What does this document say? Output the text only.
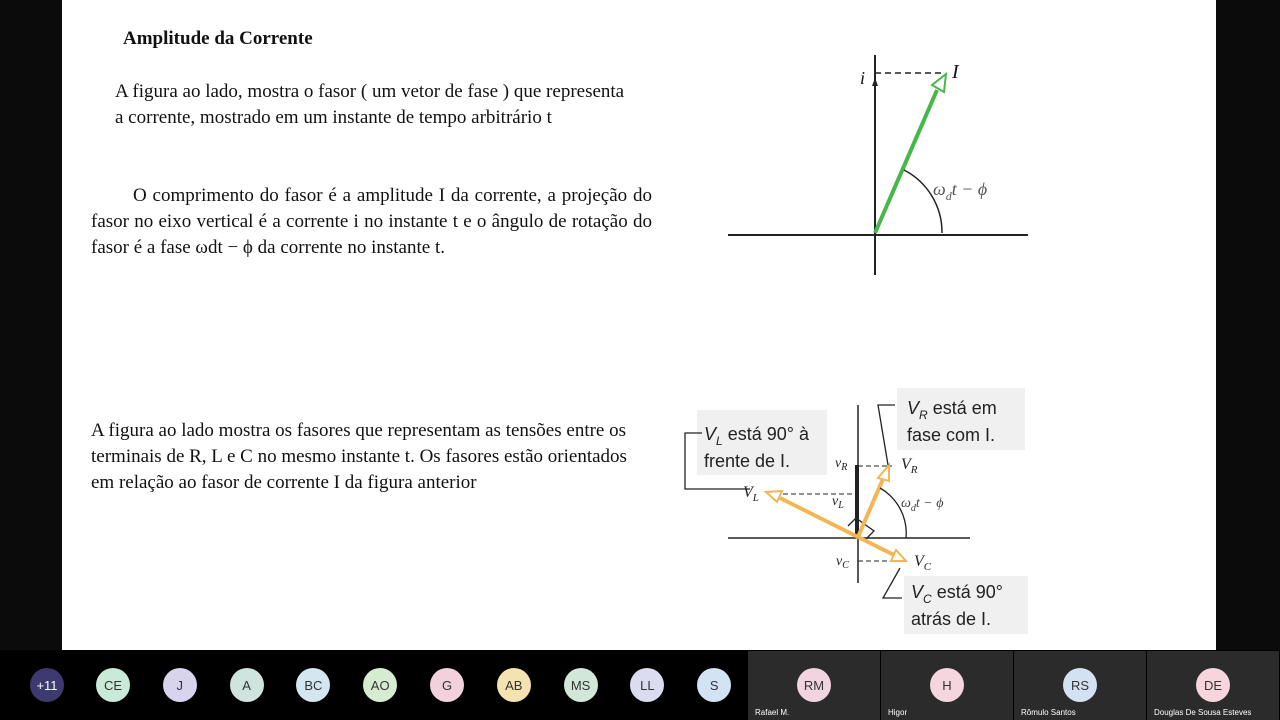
Amplitude da Corrente

A figura ao lado, mostra o fasor ( um vetor de fase ) que representa a corrente, mostrado em um instante de tempo arbitrário t

O comprimento do fasor é a amplitude I da corrente, a projeção do fasor no eixo vertical é a corrente i no instante t e o ângulo de rotação do fasor é a fase ωdt − ϕ da corrente no instante t.

A figura ao lado mostra os fasores que representam as tensões entre os terminais de R, L e C no mesmo instante t. Os fasores estão orientados em relação ao fasor de corrente I da figura anterior

i	I
$\omega_dt - \phi$
$V_L$ está 90° à
frente de I.
$V_R$ está em
fase com I.
$V_C$ está 90°
atrás de I.
$V_R$
$V_L$
$V_C$
$v_R$
$v_L$
$v_C$
$\omega_dt - \phi$
+11	CE	J	A	BC	AO	G	AB	MS	LL	S	RM
Rafael M.
H
Higor
RS
Rômulo Santos
DE
Douglas De Sousa Esteves
